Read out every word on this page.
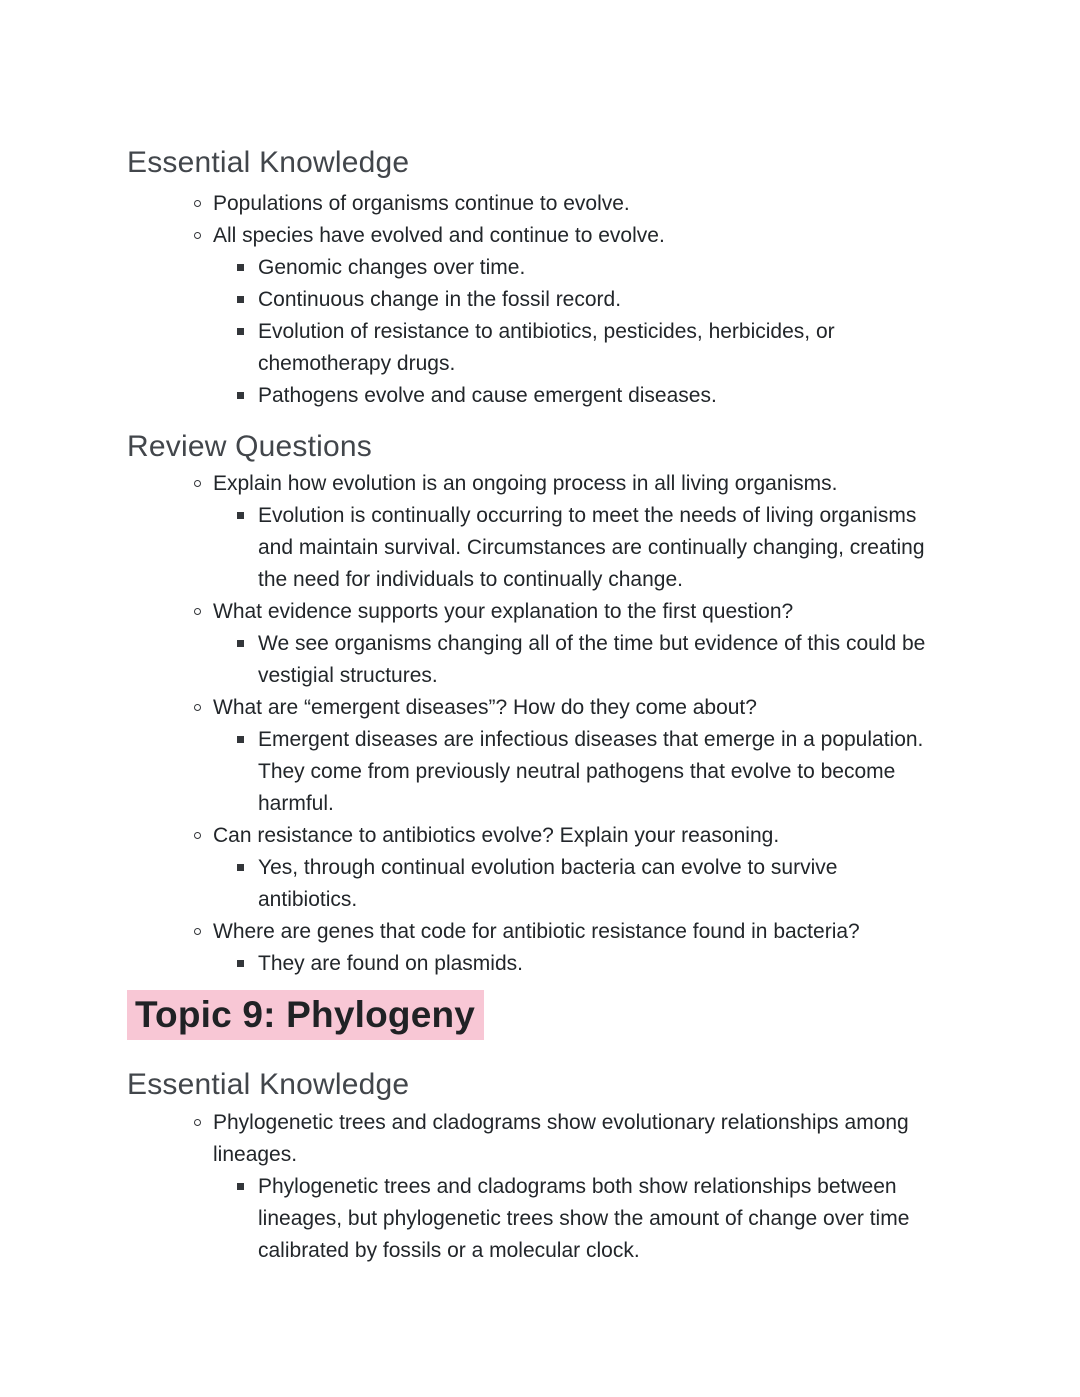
Essential Knowledge
Populations of organisms continue to evolve.
All species have evolved and continue to evolve.
Genomic changes over time.
Continuous change in the fossil record.
Evolution of resistance to antibiotics, pesticides, herbicides, or chemotherapy drugs.
Pathogens evolve and cause emergent diseases.
Review Questions
Explain how evolution is an ongoing process in all living organisms.
Evolution is continually occurring to meet the needs of living organisms and maintain survival. Circumstances are continually changing, creating the need for individuals to continually change.
What evidence supports your explanation to the first question?
We see organisms changing all of the time but evidence of this could be vestigial structures.
What are “emergent diseases”? How do they come about?
Emergent diseases are infectious diseases that emerge in a population. They come from previously neutral pathogens that evolve to become harmful.
Can resistance to antibiotics evolve? Explain your reasoning.
Yes, through continual evolution bacteria can evolve to survive antibiotics.
Where are genes that code for antibiotic resistance found in bacteria?
They are found on plasmids.
Topic 9: Phylogeny
Essential Knowledge
Phylogenetic trees and cladograms show evolutionary relationships among lineages.
Phylogenetic trees and cladograms both show relationships between lineages, but phylogenetic trees show the amount of change over time calibrated by fossils or a molecular clock.
